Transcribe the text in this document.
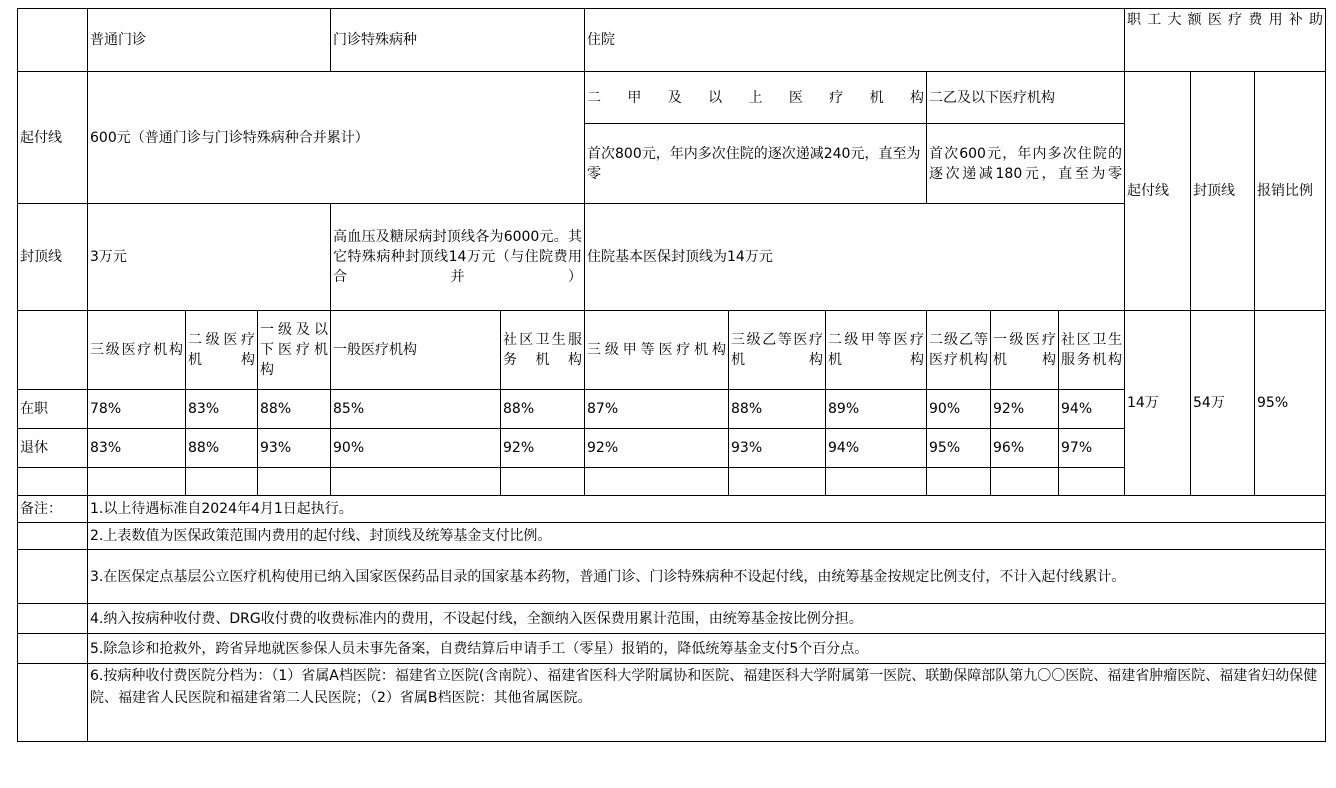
	普通门诊			门诊特殊病种		住院						职工大额医疗费用补助		
起付线	600元（普通门诊与门诊特殊病种合并累计）					二甲及以上医疗机构			二乙及以下医疗机构			起付线	封顶线	报销比例
						首次800元，年内多次住院的逐次递减240元，直至为零			首次600元，年内多次住院的逐次递减180元，直至为零					
封顶线	3万元			高血压及糖尿病封顶线各为6000元。其它特殊病种封顶线14万元（与住院费用合并）		住院基本医保封顶线为14万元								
	三级医疗机构	二级医疗机构	一级及以下医疗机构	一般医疗机构	社区卫生服务机构	三级甲等医疗机构	三级乙等医疗机构	二级甲等医疗机构	二级乙等医疗机构	一级医疗机构	社区卫生服务机构	14万	54万	95%
在职	78%	83%	88%	85%	88%	87%	88%	89%	90%	92%	94%			
退休	83%	88%	93%	90%	92%	92%	93%	94%	95%	96%	97%			

备注：	1.以上待遇标准自2024年4月1日起执行。													
	2.上表数值为医保政策范围内费用的起付线、封顶线及统筹基金支付比例。													
	3.在医保定点基层公立医疗机构使用已纳入国家医保药品目录的国家基本药物，普通门诊、门诊特殊病种不设起付线，由统筹基金按规定比例支付，不计入起付线累计。													
	4.纳入按病种收付费、DRG收付费的收费标准内的费用，不设起付线，全额纳入医保费用累计范围，由统筹基金按比例分担。													
	5.除急诊和抢救外，跨省异地就医参保人员未事先备案，自费结算后申请手工（零星）报销的，降低统筹基金支付5个百分点。													
	6.按病种收付费医院分档为：（1）省属A档医院：福建省立医院(含南院）、福建省医科大学附属协和医院、福建医科大学附属第一医院、联勤保障部队第九〇〇医院、福建省肿瘤医院、福建省妇幼保健院、福建省人民医院和福建省第二人民医院；（2）省属B档医院：其他省属医院。													
